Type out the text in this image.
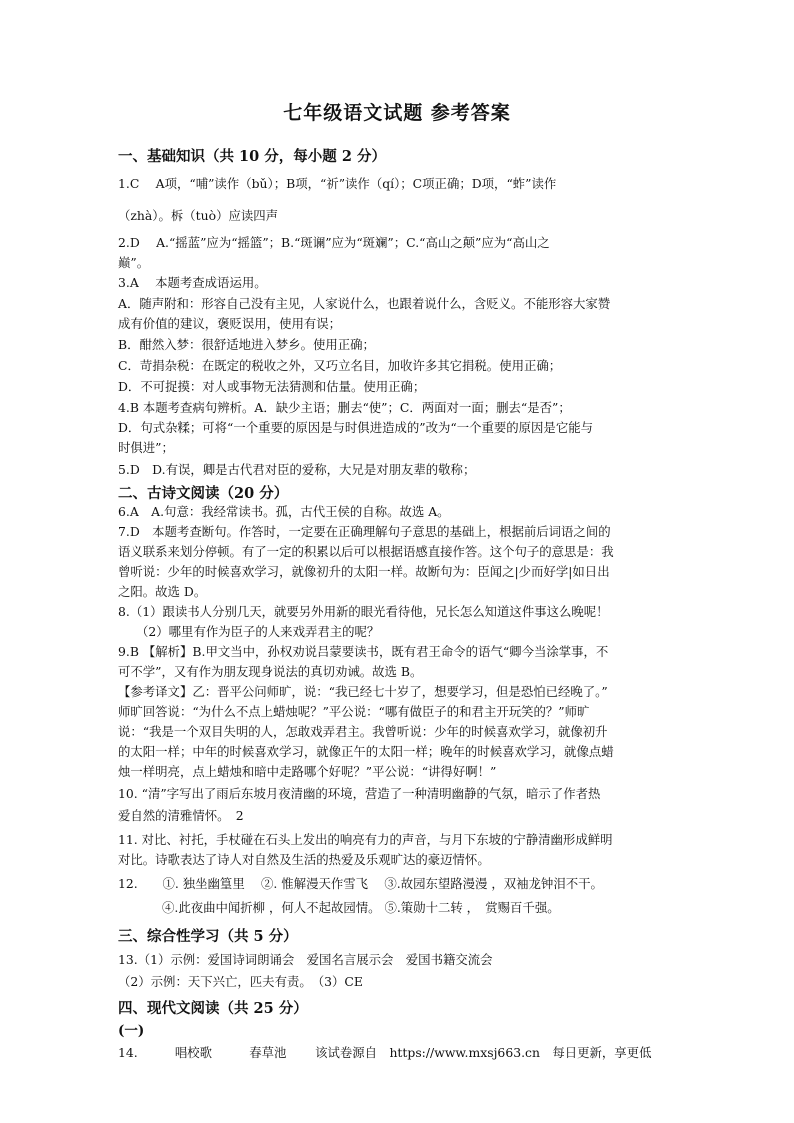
七年级语文试题 参考答案
一、基础知识（共 10 分，每小题 2 分）
1.C　 A项，“哺”读作（bǔ）；B项，“祈”读作（qí）；C项正确；D项，“蚱”读作
（zhà）。柝（tuò）应读四声
2.D　 A.“摇蓝”应为“摇篮”；B.“斑谰”应为“斑斓”；C.“高山之颠”应为“高山之
巅”。
3.A　 本题考查成语运用。
A．随声附和：形容自己没有主见，人家说什么，也跟着说什么，含贬义。不能形容大家赞
成有价值的建议，褒贬误用，使用有误；
B．酣然入梦：很舒适地进入梦乡。使用正确；
C．苛捐杂税：在既定的税收之外，又巧立名目，加收许多其它捐税。使用正确；
D．不可捉摸：对人或事物无法猜测和估量。使用正确；
4.B 本题考查病句辨析。A．缺少主语；删去“使”；C．两面对一面；删去“是否”；
D．句式杂糅；可将“一个重要的原因是与时俱进造成的”改为“一个重要的原因是它能与
时俱进”；
5.D　D.有误，卿是古代君对臣的爱称，大兄是对朋友辈的敬称；
二、古诗文阅读（20 分）
6.A　A.句意：我经常读书。孤，古代王侯的自称。故选 A。
7.D　本题考查断句。作答时，一定要在正确理解句子意思的基础上，根据前后词语之间的
语义联系来划分停顿。有了一定的积累以后可以根据语感直接作答。这个句子的意思是：我
曾听说：少年的时候喜欢学习，就像初升的太阳一样。故断句为：臣闻之|少而好学|如日出
之阳。故选 D。
8.（1）跟读书人分别几天，就要另外用新的眼光看待他，兄长怎么知道这件事这么晚呢！
（2）哪里有作为臣子的人来戏弄君主的呢？
9.B 【解析】B.甲文当中，孙权劝说吕蒙要读书，既有君王命令的语气“卿今当涂掌事，不
可不学”，又有作为朋友现身说法的真切劝诫。故选 B。
【参考译文】乙：晋平公问师旷，说：“我已经七十岁了，想要学习，但是恐怕已经晚了。”
师旷回答说：“为什么不点上蜡烛呢？”平公说：“哪有做臣子的和君主开玩笑的？”师旷
说：“我是一个双目失明的人，怎敢戏弄君主。我曾听说：少年的时候喜欢学习，就像初升
的太阳一样；中年的时候喜欢学习，就像正午的太阳一样；晚年的时候喜欢学习，就像点蜡
烛一样明亮，点上蜡烛和暗中走路哪个好呢？”平公说：“讲得好啊！”
10. “清”字写出了雨后东坡月夜清幽的环境，营造了一种清明幽静的气氛，暗示了作者热
爱自然的清雅情怀。　2
11. 对比、衬托，手杖碰在石头上发出的响亮有力的声音，与月下东坡的宁静清幽形成鲜明
对比。诗歌表达了诗人对自然及生活的热爱及乐观旷达的豪迈情怀。
12.　　①. 独坐幽篁里　 ②. 惟解漫天作雪飞　 ③.故园东望路漫漫 ，双袖龙钟泪不干。
④.此夜曲中闻折柳 ，何人不起故园情。 ⑤.策勋十二转 ，　赏赐百千强。
三、综合性学习（共 5 分）
13.（1）示例：爱国诗词朗诵会　爱国名言展示会　爱国书籍交流会
（2）示例：天下兴亡，匹夫有责。　（3）CE
四、现代文阅读（共 25 分）
(一)
14.　　　唱校歌　　　春草池　　 该试卷源自　https://www.mxsj663.cn　每日更新，享更低
